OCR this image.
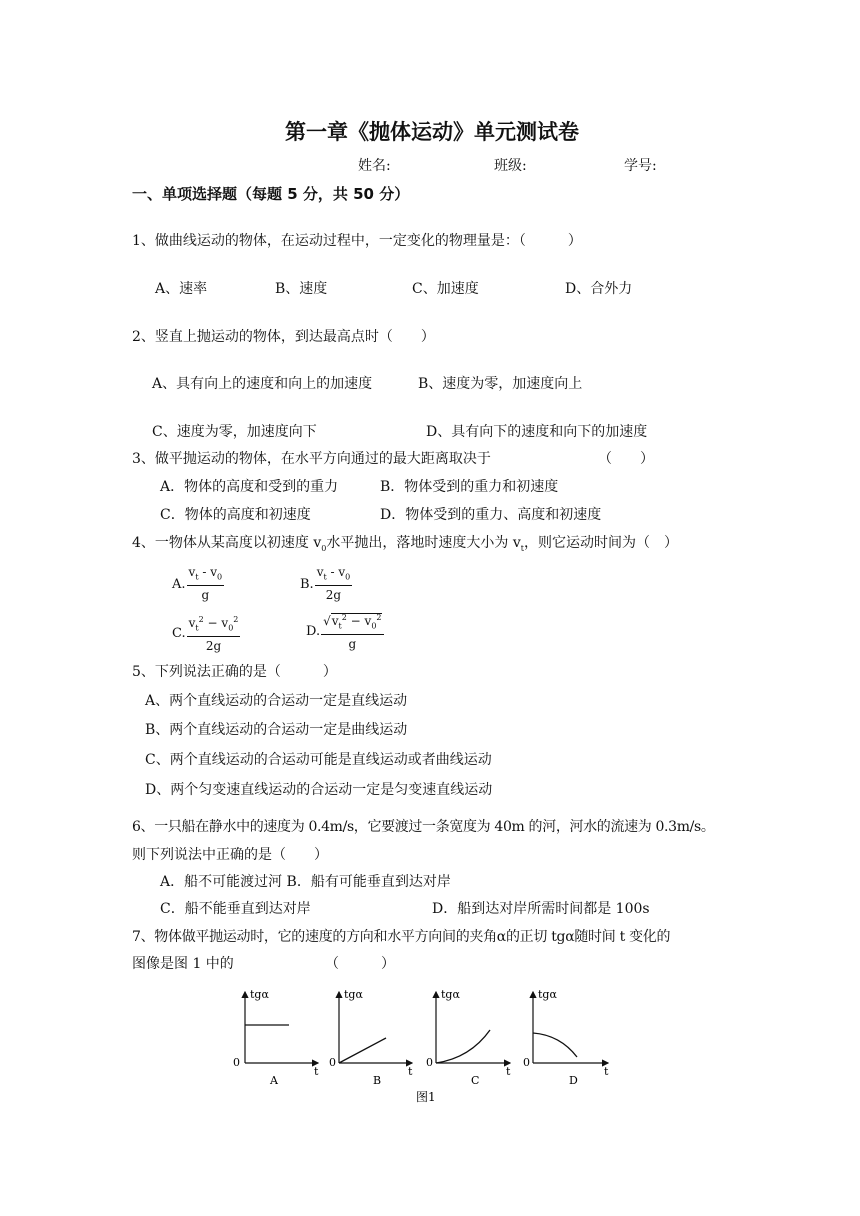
第一章《抛体运动》单元测试卷
姓名:	班级:	学号:
一、单项选择题（每题 5 分，共 50 分）
1、做曲线运动的物体，在运动过程中，一定变化的物理量是：（　　　）
A、速率	B、速度	C、加速度	D、合外力
2、竖直上抛运动的物体，到达最高点时（　　）
A、具有向上的速度和向上的加速度	B、速度为零，加速度向上
C、速度为零，加速度向下	D、具有向下的速度和向下的加速度
3、做平抛运动的物体，在水平方向通过的最大距离取决于	（　　）
A．物体的高度和受到的重力	B．物体受到的重力和初速度
C．物体的高度和初速度	D．物体受到的重力、高度和初速度
4、一物体从某高度以初速度 $v_0$水平抛出，落地时速度大小为 $v_t$，则它运动时间为（　）
A. $\frac{v_t - v_0}{g}$	B. $\frac{v_t - v_0}{2g}$
C. $\frac{v_t^2 - v_0^2}{2g}$	D. $\frac{√v_t^2 - v_0^2}{g}$
5、下列说法正确的是（　　　）
A、两个直线运动的合运动一定是直线运动
B、两个直线运动的合运动一定是曲线运动
C、两个直线运动的合运动可能是直线运动或者曲线运动
D、两个匀变速直线运动的合运动一定是匀变速直线运动
6、一只船在静水中的速度为 0.4m/s，它要渡过一条宽度为 40m 的河，河水的流速为 0.3m/s。
则下列说法中正确的是（　　）
A．船不可能渡过河 B．船有可能垂直到达对岸
C．船不能垂直到达对岸	D．船到达对岸所需时间都是 100s
7、物体做平抛运动时，它的速度的方向和水平方向间的夹角α的正切 tgα随时间 t 变化的
图像是图 1 中的	（　　　）
tgα
0
t
A
tgα
0
t
B
tgα
0
t
C
tgα
0
t
D
图1
